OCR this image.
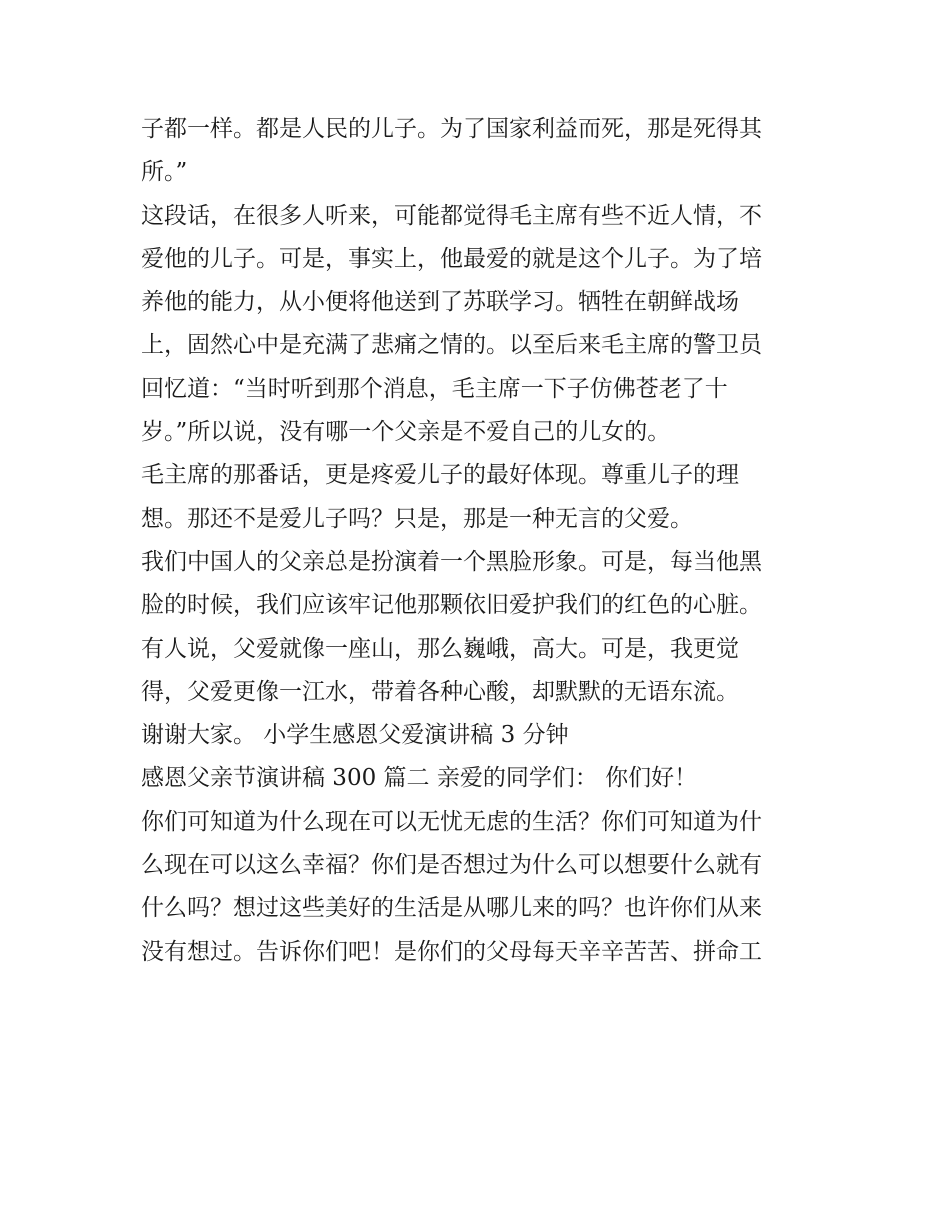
子都一样。都是人民的儿子。为了国家利益而死，那是死得其
所。”
这段话，在很多人听来，可能都觉得毛主席有些不近人情，不
爱他的儿子。可是，事实上，他最爱的就是这个儿子。为了培
养他的能力，从小便将他送到了苏联学习。牺牲在朝鲜战场
上，固然心中是充满了悲痛之情的。以至后来毛主席的警卫员
回忆道：“当时听到那个消息，毛主席一下子仿佛苍老了十
岁。”所以说，没有哪一个父亲是不爱自己的儿女的。
毛主席的那番话，更是疼爱儿子的最好体现。尊重儿子的理
想。那还不是爱儿子吗？只是，那是一种无言的父爱。
我们中国人的父亲总是扮演着一个黑脸形象。可是，每当他黑
脸的时候，我们应该牢记他那颗依旧爱护我们的红色的心脏。
有人说，父爱就像一座山，那么巍峨，高大。可是，我更觉
得，父爱更像一江水，带着各种心酸，却默默的无语东流。
谢谢大家。 小学生感恩父爱演讲稿 3 分钟
感恩父亲节演讲稿 300 篇二 亲爱的同学们： 你们好！
你们可知道为什么现在可以无忧无虑的生活？你们可知道为什
么现在可以这么幸福？你们是否想过为什么可以想要什么就有
什么吗？想过这些美好的生活是从哪儿来的吗？也许你们从来
没有想过。告诉你们吧！是你们的父母每天辛辛苦苦、拼命工
